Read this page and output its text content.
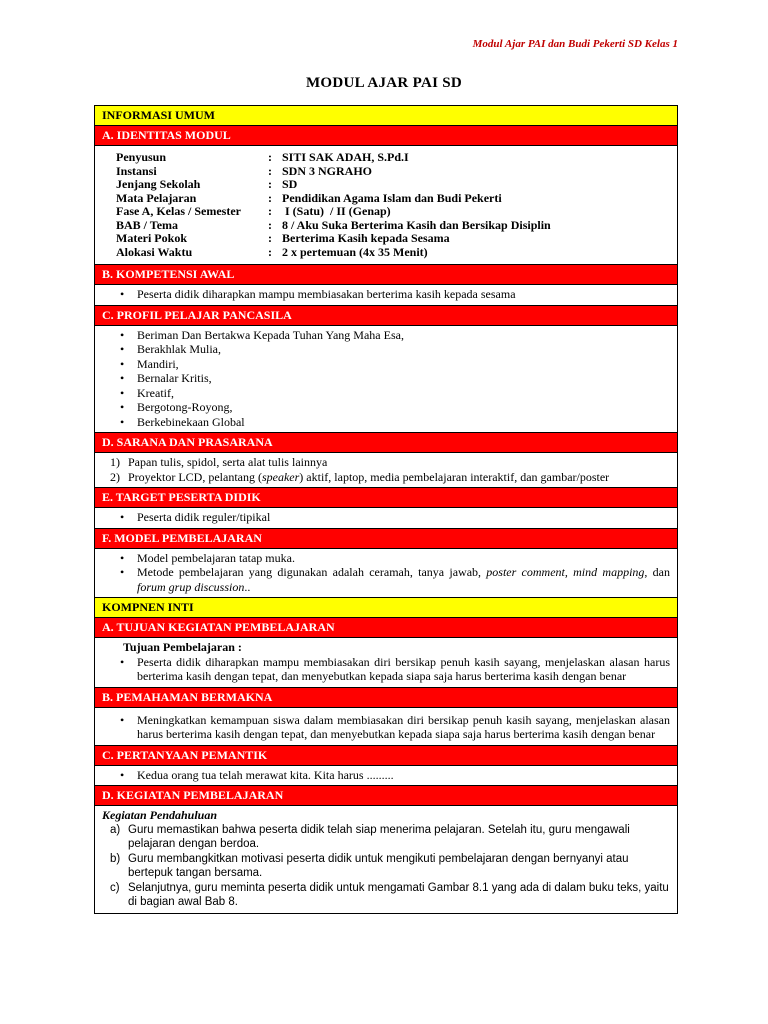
Modul Ajar PAI dan Budi Pekerti SD Kelas 1
MODUL AJAR PAI SD
INFORMASI UMUM
A. IDENTITAS MODUL
Penyusun	: SITI SAK ADAH, S.Pd.I
Instansi	: SDN 3 NGRAHO
Jenjang Sekolah	: SD
Mata Pelajaran	: Pendidikan Agama Islam dan Budi Pekerti
Fase A, Kelas / Semester	: I (Satu)  / II (Genap)
BAB / Tema	: 8 / Aku Suka Berterima Kasih dan Bersikap Disiplin
Materi Pokok	: Berterima Kasih kepada Sesama
Alokasi Waktu	: 2 x pertemuan (4x 35 Menit)
B. KOMPETENSI AWAL
• Peserta didik diharapkan mampu membiasakan berterima kasih kepada sesama
C. PROFIL PELAJAR PANCASILA
• Beriman Dan Bertakwa Kepada Tuhan Yang Maha Esa,
• Berakhlak Mulia,
• Mandiri,
• Bernalar Kritis,
• Kreatif,
• Bergotong-Royong,
• Berkebinekaan Global
D. SARANA DAN PRASARANA
1) Papan tulis, spidol, serta alat tulis lainnya
2) Proyektor LCD, pelantang (speaker) aktif, laptop, media pembelajaran interaktif, dan gambar/poster
E. TARGET PESERTA DIDIK
• Peserta didik reguler/tipikal
F. MODEL PEMBELAJARAN
• Model pembelajaran tatap muka.
• Metode pembelajaran yang digunakan adalah ceramah, tanya jawab, poster comment, mind mapping, dan forum grup discussion..
KOMPNEN INTI
A. TUJUAN KEGIATAN PEMBELAJARAN
Tujuan Pembelajaran :
• Peserta didik diharapkan mampu membiasakan diri bersikap penuh kasih sayang, menjelaskan alasan harus berterima kasih dengan tepat, dan menyebutkan kepada siapa saja harus berterima kasih dengan benar
B. PEMAHAMAN BERMAKNA
• Meningkatkan kemampuan siswa dalam membiasakan diri bersikap penuh kasih sayang, menjelaskan alasan harus berterima kasih dengan tepat, dan menyebutkan kepada siapa saja harus berterima kasih dengan benar
C. PERTANYAAN PEMANTIK
• Kedua orang tua telah merawat kita. Kita harus .........
D. KEGIATAN PEMBELAJARAN
Kegiatan Pendahuluan
a) Guru memastikan bahwa peserta didik telah siap menerima pelajaran. Setelah itu, guru mengawali pelajaran dengan berdoa.
b) Guru membangkitkan motivasi peserta didik untuk mengikuti pembelajaran dengan bernyanyi atau bertepuk tangan bersama.
c) Selanjutnya, guru meminta peserta didik untuk mengamati Gambar 8.1 yang ada di dalam buku teks, yaitu di bagian awal Bab 8.
